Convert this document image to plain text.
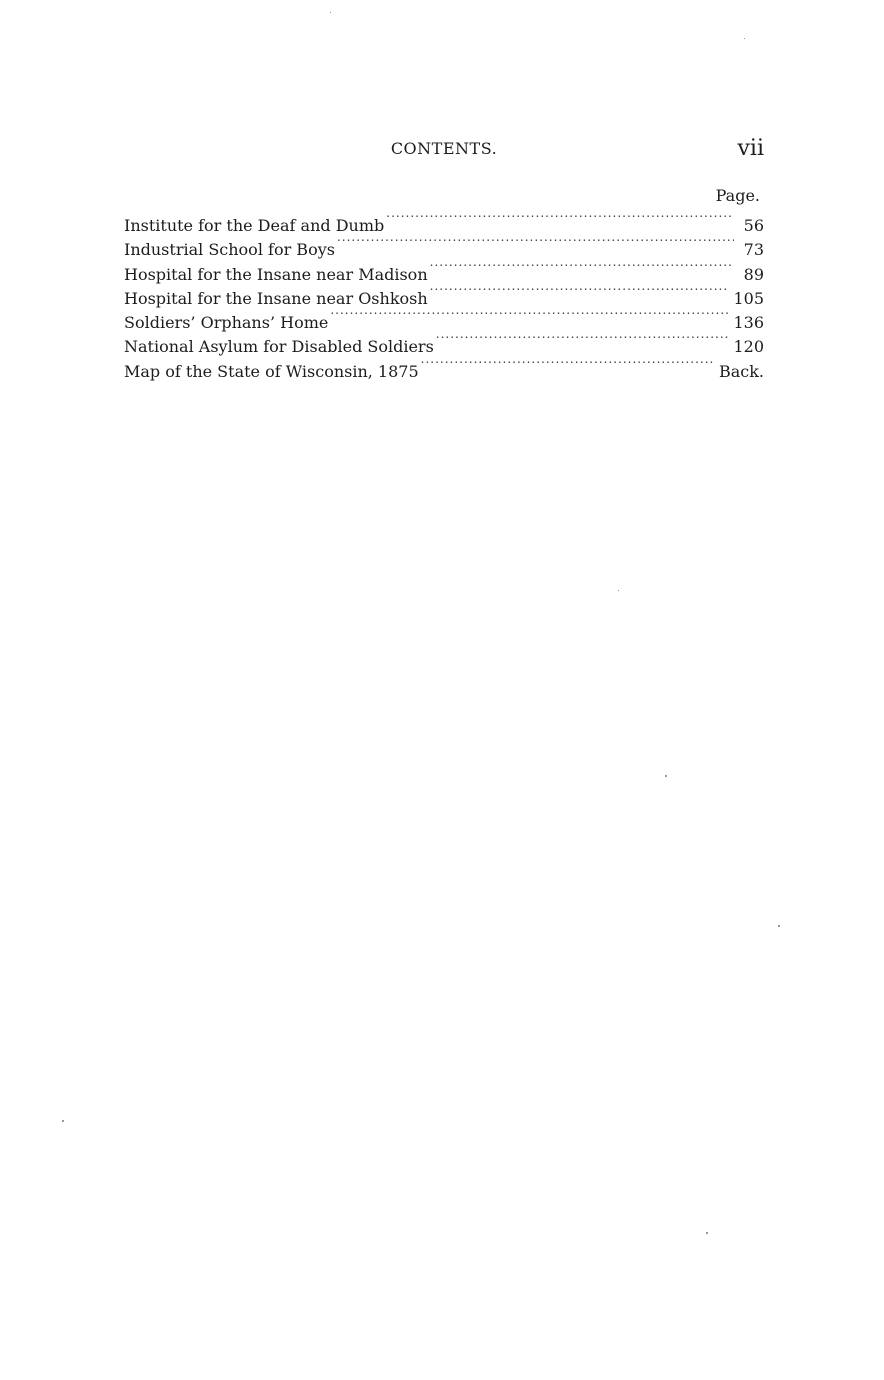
CONTENTS.	vii
Page.
Institute for the Deaf and Dumb .....	56
Industrial School for Boys .....	73
Hospital for the Insane near Madison .....	89
Hospital for the Insane near Oshkosh .....	105
Soldiers’ Orphans’ Home .....	136
National Asylum for Disabled Soldiers .....	120
Map of the State of Wisconsin, 1875 .....	Back.
